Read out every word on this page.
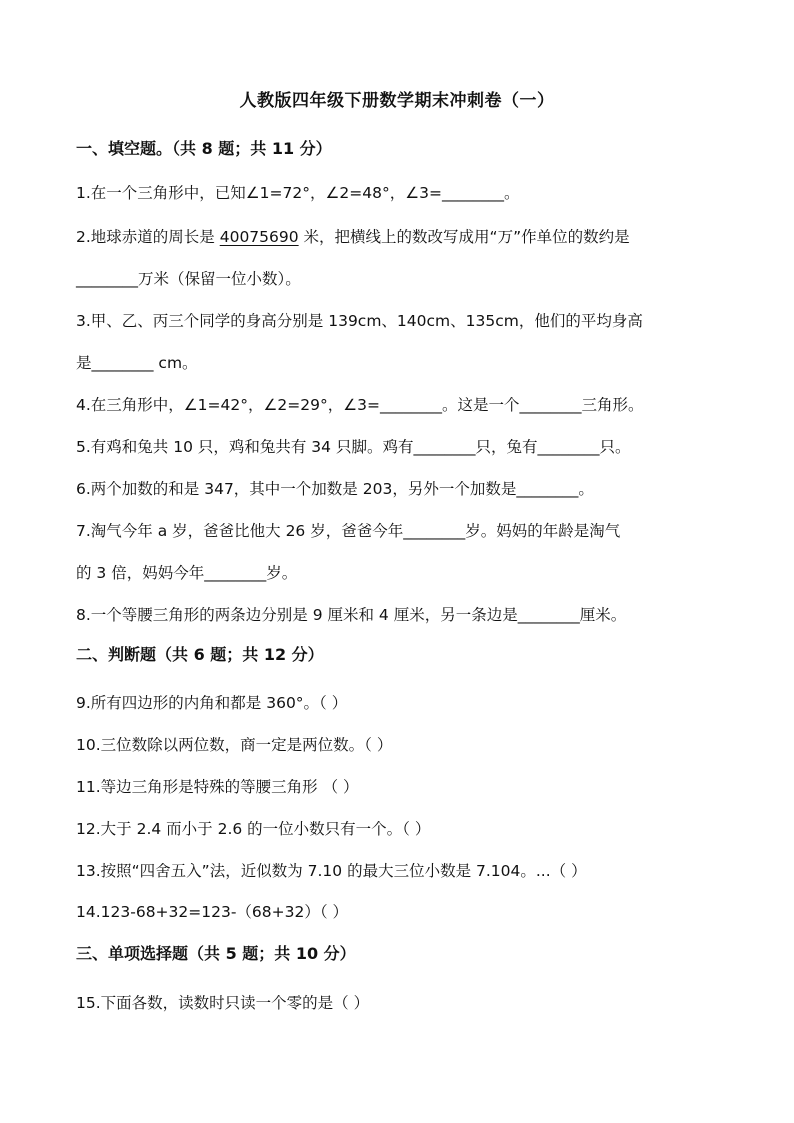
人教版四年级下册数学期末冲刺卷（一）
一、填空题。（共 8 题；共 11 分）
1.在一个三角形中，已知∠1=72°，∠2=48°，∠3=________。
2.地球赤道的周长是 40075690 米，把横线上的数改写成用“万”作单位的数约是
________万米（保留一位小数）。
3.甲、乙、丙三个同学的身高分别是 139cm、140cm、135cm，他们的平均身高
是________ cm。
4.在三角形中，∠1=42°，∠2=29°，∠3=________。这是一个________三角形。
5.有鸡和兔共 10 只，鸡和兔共有 34 只脚。鸡有________只，兔有________只。
6.两个加数的和是 347，其中一个加数是 203，另外一个加数是________。
7.淘气今年 a 岁，爸爸比他大 26 岁，爸爸今年________岁。妈妈的年龄是淘气
的 3 倍，妈妈今年________岁。
8.一个等腰三角形的两条边分别是 9 厘米和 4 厘米，另一条边是________厘米。
二、判断题（共 6 题；共 12 分）
9.所有四边形的内角和都是 360°。（ ）
10.三位数除以两位数，商一定是两位数。（ ）
11.等边三角形是特殊的等腰三角形 （ ）
12.大于 2.4 而小于 2.6 的一位小数只有一个。（ ）
13.按照“四舍五入”法，近似数为 7.10 的最大三位小数是 7.104。...（ ）
14.123-68+32=123-（68+32）（ ）
三、单项选择题（共 5 题；共 10 分）
15.下面各数，读数时只读一个零的是（ ）
